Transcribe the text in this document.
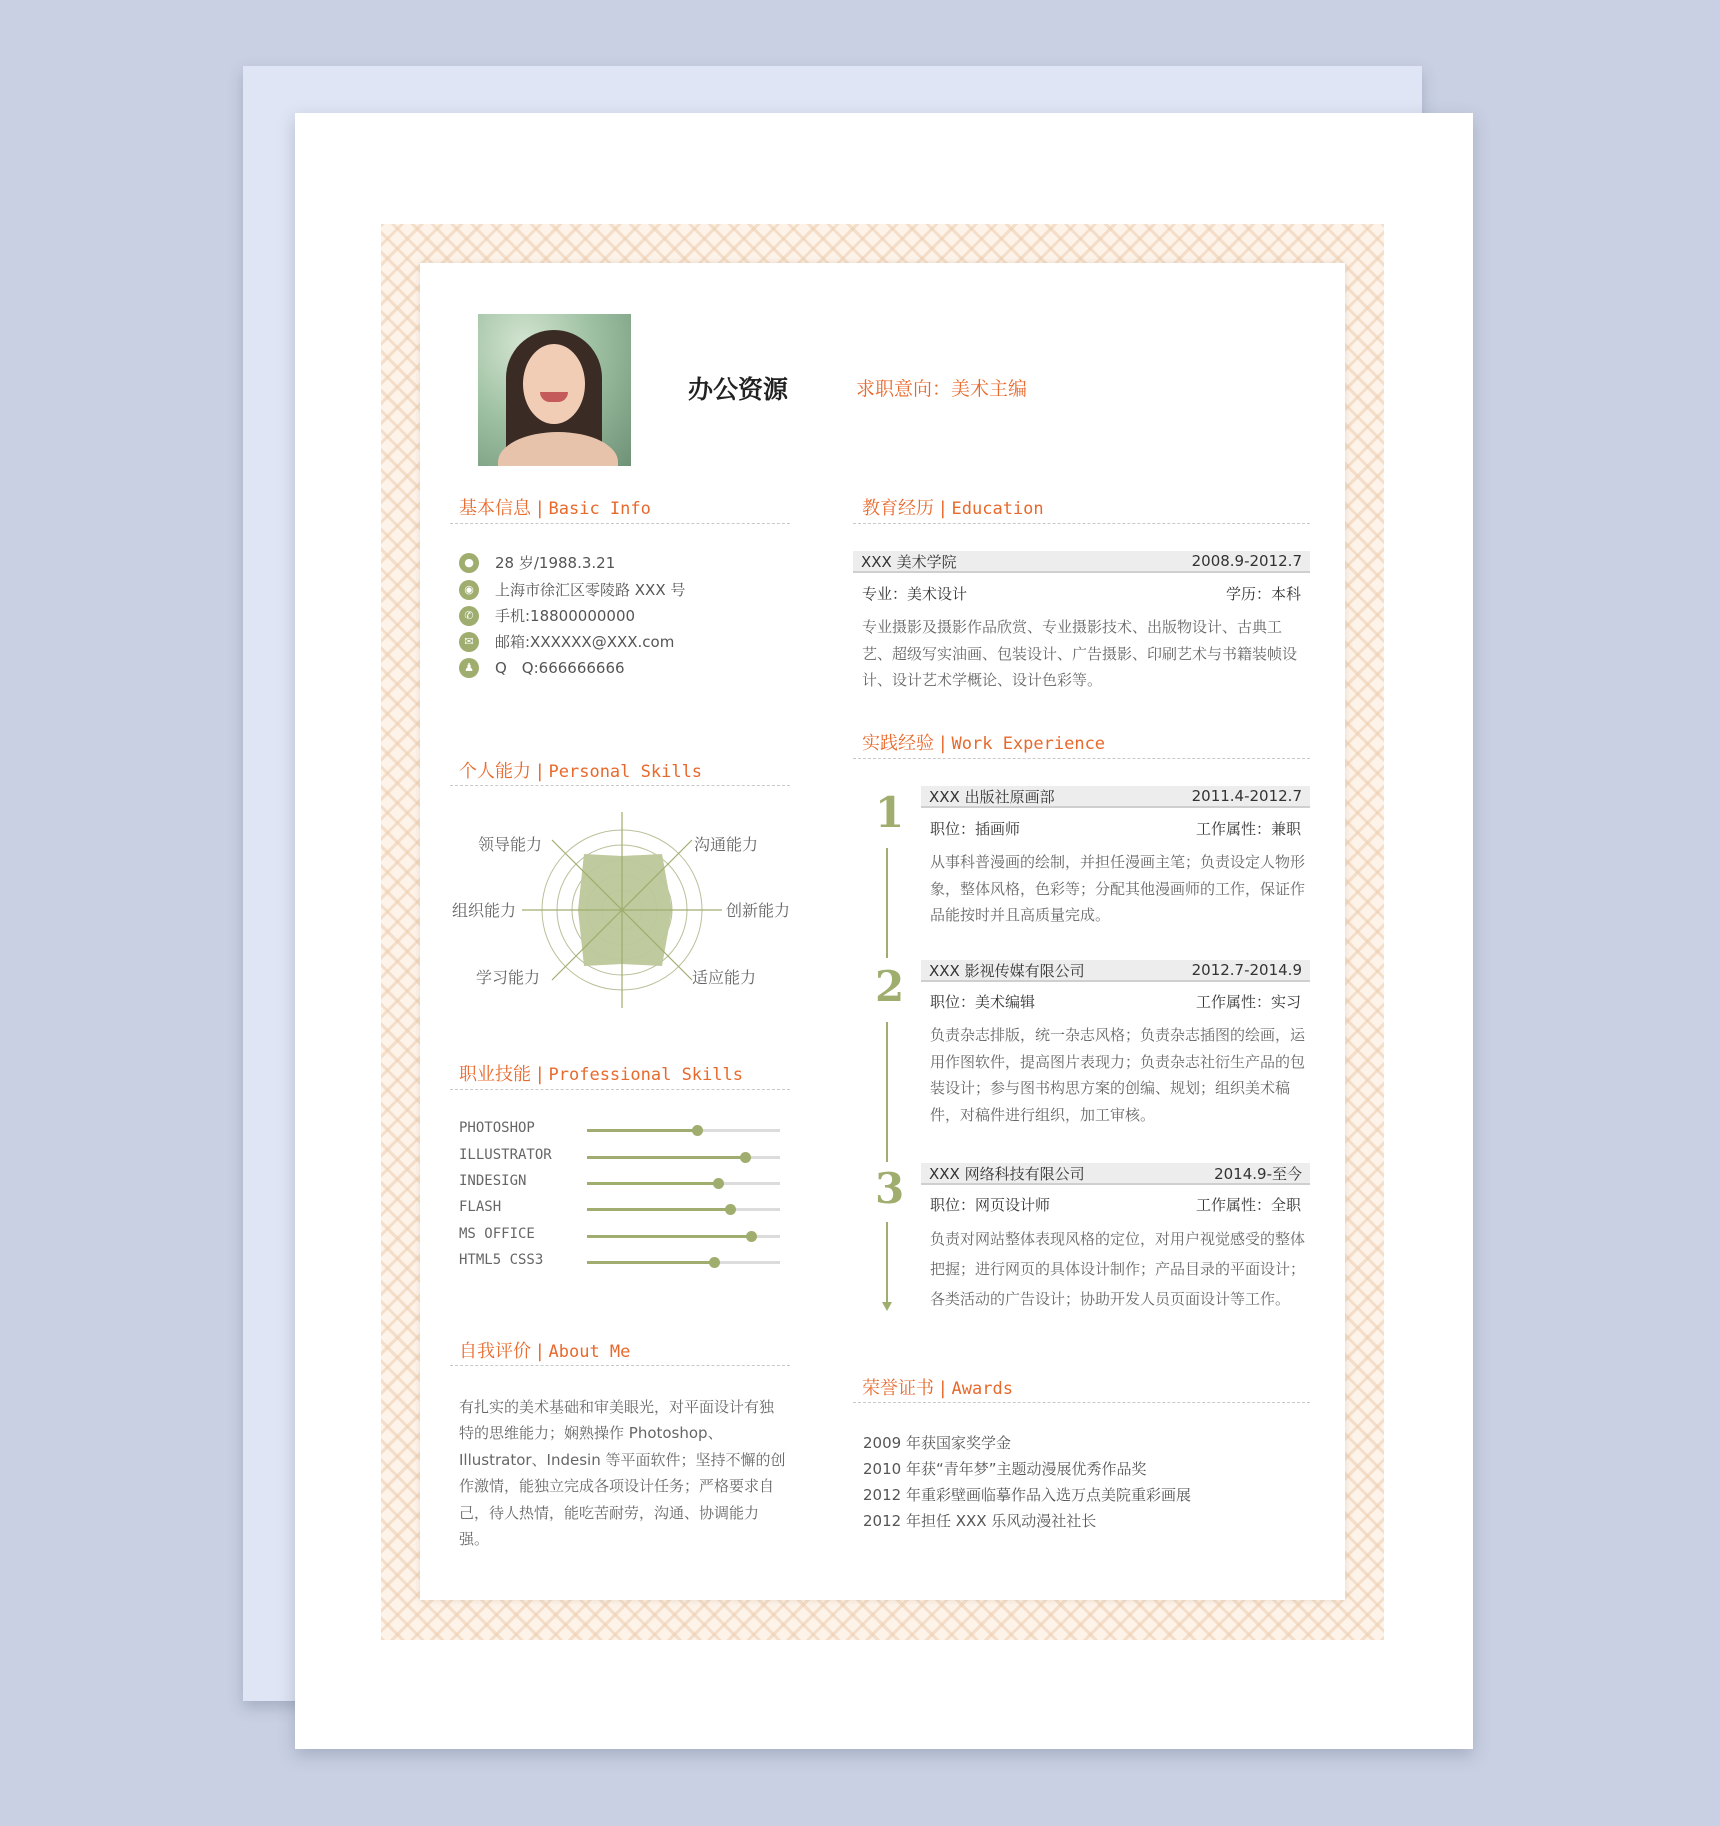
办公资源	求职意向：美术主编
基本信息 | Basic Info
●	28 岁/1988.3.21
◉	上海市徐汇区零陵路 XXX 号
✆	手机:18800000000
✉	邮箱:XXXXXX@XXX.com
♟	Q　Q:666666666
个人能力 | Personal Skills
领导能力	沟通能力
组织能力	创新能力
学习能力	适应能力
职业技能 | Professional Skills
PHOTOSHOP
ILLUSTRATOR
INDESIGN
FLASH
MS OFFICE
HTML5 CSS3
自我评价 | About Me
有扎实的美术基础和审美眼光，对平面设计有独特的思维能力；娴熟操作 Photoshop、Illustrator、Indesin 等平面软件；坚持不懈的创作激情，能独立完成各项设计任务；严格要求自己，待人热情，能吃苦耐劳，沟通、协调能力强。
教育经历 | Education
XXX 美术学院	2008.9-2012.7
专业：美术设计	学历：本科
专业摄影及摄影作品欣赏、专业摄影技术、出版物设计、古典工艺、超级写实油画、包装设计、广告摄影、印刷艺术与书籍装帧设计、设计艺术学概论、设计色彩等。
实践经验 | Work Experience
1
2
3
XXX 出版社原画部	2011.4-2012.7
职位：插画师	工作属性：兼职
从事科普漫画的绘制，并担任漫画主笔；负责设定人物形象，整体风格，色彩等；分配其他漫画师的工作，保证作品能按时并且高质量完成。
XXX 影视传媒有限公司	2012.7-2014.9
职位：美术编辑	工作属性：实习
负责杂志排版，统一杂志风格；负责杂志插图的绘画，运用作图软件，提高图片表现力；负责杂志社衍生产品的包装设计；参与图书构思方案的创编、规划；组织美术稿件，对稿件进行组织，加工审核。
XXX 网络科技有限公司	2014.9-至今
职位：网页设计师	工作属性：全职
负责对网站整体表现风格的定位，对用户视觉感受的整体把握；进行网页的具体设计制作；产品目录的平面设计；各类活动的广告设计；协助开发人员页面设计等工作。
荣誉证书 | Awards
2009 年获国家奖学金
2010 年获“青年梦”主题动漫展优秀作品奖
2012 年重彩壁画临摹作品入选万点美院重彩画展
2012 年担任 XXX 乐风动漫社社长
